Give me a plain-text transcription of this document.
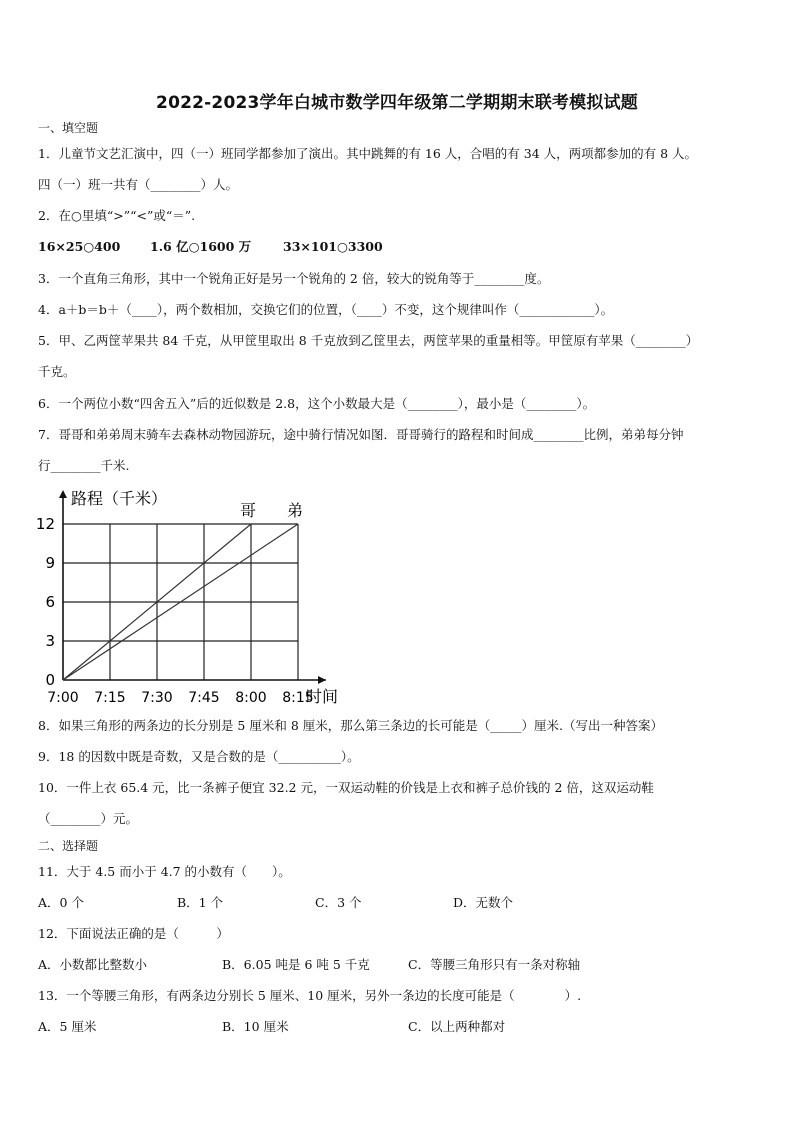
2022-2023学年白城市数学四年级第二学期期末联考模拟试题
一、填空题
1．儿童节文艺汇演中，四（一）班同学都参加了演出。其中跳舞的有 16 人，合唱的有 34 人，两项都参加的有 8 人。
四（一）班一共有（________）人。
2．在○里填“>”“<”或“＝”.
16×25○400 1.6 亿○1600 万	33×101○3300
3．一个直角三角形，其中一个锐角正好是另一个锐角的 2 倍，较大的锐角等于________度。
4．a＋b＝b＋（____），两个数相加，交换它们的位置，（____）不变，这个规律叫作（____________）。
5．甲、乙两筐苹果共 84 千克，从甲筐里取出 8 千克放到乙筐里去，两筐苹果的重量相等。甲筐原有苹果（________）
千克。
6．一个两位小数“四舍五入”后的近似数是 2.8，这个小数最大是（________），最小是（________）。
7．哥哥和弟弟周末骑车去森林动物园游玩，途中骑行情况如图．哥哥骑行的路程和时间成________比例，弟弟每分钟
行________千米.
路程（千米）
时间
0
3
6
9
12
7:00 7:15 7:30 7:45 8:00 8:15
哥 弟
8．如果三角形的两条边的长分别是 5 厘米和 8 厘米，那么第三条边的长可能是（_____）厘米.（写出一种答案）
9．18 的因数中既是奇数，又是合数的是（__________）。
10．一件上衣 65.4 元，比一条裤子便宜 32.2 元，一双运动鞋的价钱是上衣和裤子总价钱的 2 倍，这双运动鞋
（________）元。
二、选择题
11．大于 4.5 而小于 4.7 的小数有（　　）。
A．0 个	B．1 个	C．3 个	D．无数个
12．下面说法正确的是（　　　）
A．小数都比整数小	B．6.05 吨是 6 吨 5 千克	C．等腰三角形只有一条对称轴
13．一个等腰三角形，有两条边分别长 5 厘米、10 厘米，另外一条边的长度可能是（　　　　）.
A．5 厘米	B．10 厘米	C．以上两种都对
